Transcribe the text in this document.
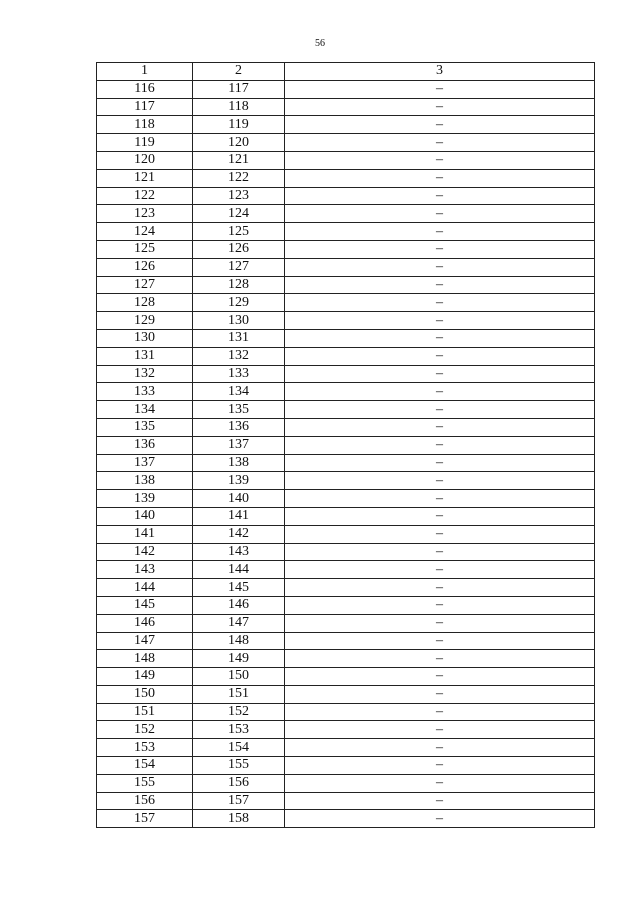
56
1	2	3
116	117	–
117	118	–
118	119	–
119	120	–
120	121	–
121	122	–
122	123	–
123	124	–
124	125	–
125	126	–
126	127	–
127	128	–
128	129	–
129	130	–
130	131	–
131	132	–
132	133	–
133	134	–
134	135	–
135	136	–
136	137	–
137	138	–
138	139	–
139	140	–
140	141	–
141	142	–
142	143	–
143	144	–
144	145	–
145	146	–
146	147	–
147	148	–
148	149	–
149	150	–
150	151	–
151	152	–
152	153	–
153	154	–
154	155	–
155	156	–
156	157	–
157	158	–
